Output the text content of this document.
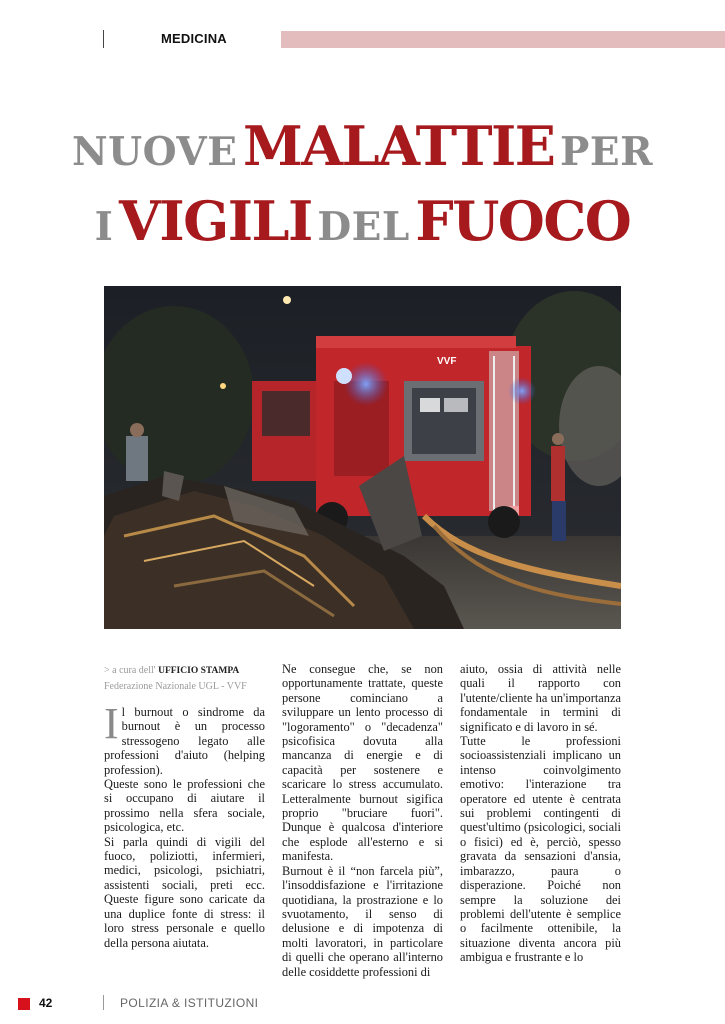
MEDICINA
NUOVE MALATTIE PER
I VIGILI DEL FUOCO
VVF
> a cura dell' UFFICIO STAMPA
Federazione Nazionale UGL - VVF

Il burnout o sindrome da burnout è un processo stressogeno legato alle professioni d'aiuto (helping profession).

Queste sono le professioni che si occupano di aiutare il prossimo nella sfera sociale, psicologica, etc.

Si parla quindi di vigili del fuoco, poliziotti, infermieri, medici, psicologi, psichiatri, assistenti sociali, preti ecc. Queste figure sono caricate da una duplice fonte di stress: il loro stress personale e quello della persona aiutata.

Ne consegue che, se non opportunamente trattate, queste persone cominciano a sviluppare un lento processo di "logoramento" o "decadenza" psicofisica dovuta alla mancanza di energie e di capacità per sostenere e scaricare lo stress accumulato. Letteralmente burnout sigifica proprio "bruciare fuori". Dunque è qualcosa d'interiore che esplode all'esterno e si manifesta.

Burnout è il “non farcela più”, l'insoddisfazione e l'irritazione quotidiana, la prostrazione e lo svuotamento, il senso di delusione e di impotenza di molti lavoratori, in particolare di quelli che operano all'interno delle cosiddette professioni di

aiuto, ossia di attività nelle quali il rapporto con l'utente/cliente ha un'importanza fondamentale in termini di significato e di lavoro in sé.

Tutte le professioni socioassistenziali implicano un intenso coinvolgimento emotivo: l'interazione tra operatore ed utente è centrata sui problemi contingenti di quest'ultimo (psicologici, sociali o fisici) ed è, perciò, spesso gravata da sensazioni d'ansia, imbarazzo, paura o disperazione. Poiché non sempre la soluzione dei problemi dell'utente è semplice o facilmente ottenibile, la situazione diventa ancora più ambigua e frustrante e lo

42	POLIZIA & ISTITUZIONI
